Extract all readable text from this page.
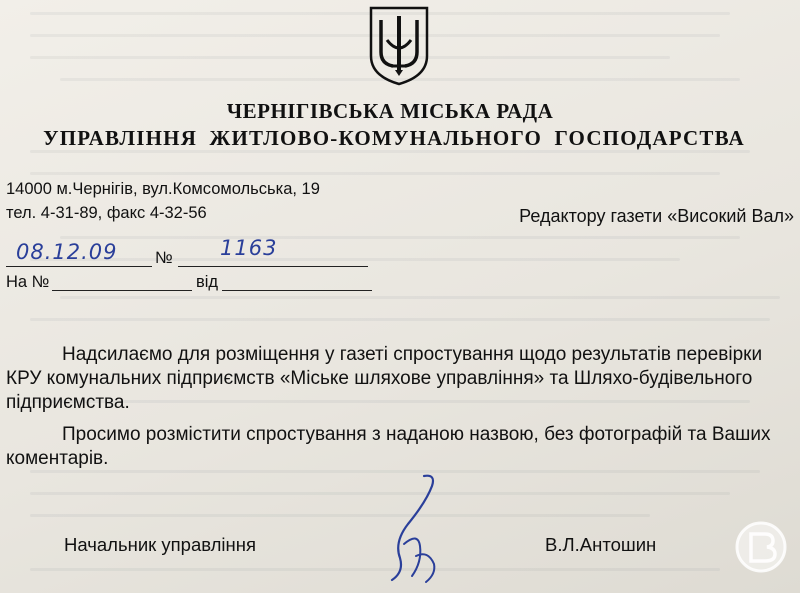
ЧЕРНІГІВСЬКА МІСЬКА РАДА
УПРАВЛІННЯ ЖИТЛОВО-КОМУНАЛЬНОГО ГОСПОДАРСТВА
14000 м.Чернігів, вул.Комсомольська, 19
тел. 4-31-89, факс 4-32-56	Редактору газети «Високий Вал»
08.12.09 № 1163
На №	від

Надсилаємо для розміщення у газеті спростування щодо результатів перевірки КРУ комунальних підприємств «Міське шляхове управління» та Шляхо-будівельного підприємства.

Просимо розмістити спростування з наданою назвою, без фотографій та Ваших коментарів.

Начальник управління	В.Л.Антошин
